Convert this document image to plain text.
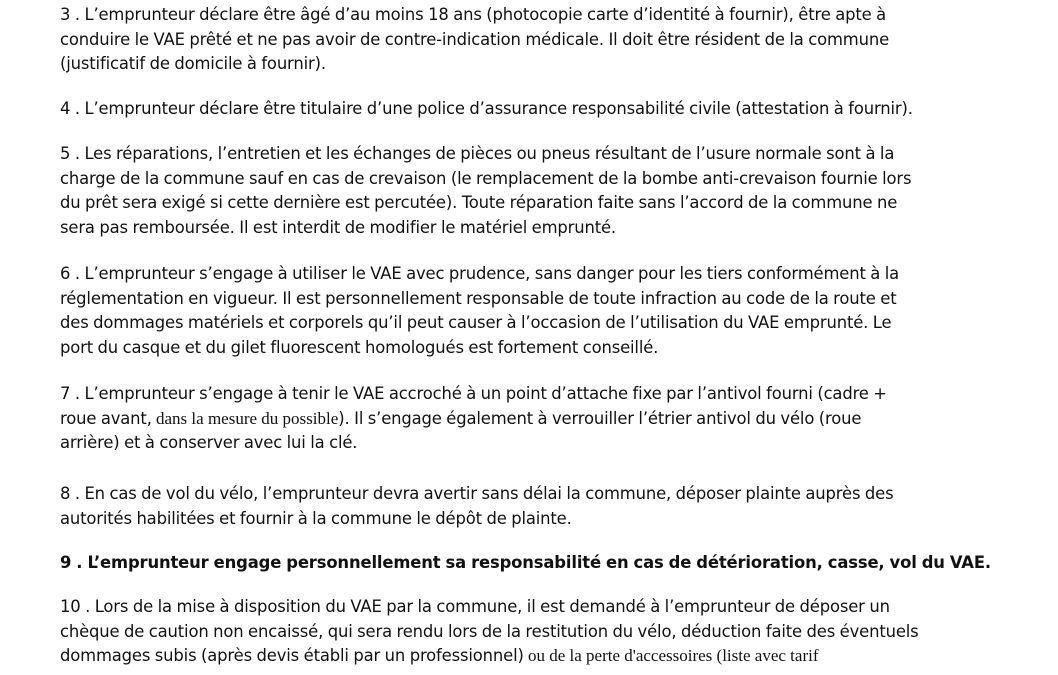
3 . L’emprunteur déclare être âgé d’au moins 18 ans (photocopie carte d’identité à fournir), être apte à
conduire le VAE prêté et ne pas avoir de contre-indication médicale. Il doit être résident de la commune
(justificatif de domicile à fournir).

4 . L’emprunteur déclare être titulaire d’une police d’assurance responsabilité civile (attestation à fournir).

5 . Les réparations, l’entretien et les échanges de pièces ou pneus résultant de l’usure normale sont à la
charge de la commune sauf en cas de crevaison (le remplacement de la bombe anti-crevaison fournie lors
du prêt sera exigé si cette dernière est percutée). Toute réparation faite sans l’accord de la commune ne
sera pas remboursée. Il est interdit de modifier le matériel emprunté.

6 . L’emprunteur s’engage à utiliser le VAE avec prudence, sans danger pour les tiers conformément à la
réglementation en vigueur. Il est personnellement responsable de toute infraction au code de la route et
des dommages matériels et corporels qu’il peut causer à l’occasion de l’utilisation du VAE emprunté. Le
port du casque et du gilet fluorescent homologués est fortement conseillé.

7 . L’emprunteur s’engage à tenir le VAE accroché à un point d’attache fixe par l’antivol fourni (cadre +
roue avant, dans la mesure du possible). Il s’engage également à verrouiller l’étrier antivol du vélo (roue
arrière) et à conserver avec lui la clé.

8 . En cas de vol du vélo, l’emprunteur devra avertir sans délai la commune, déposer plainte auprès des
autorités habilitées et fournir à la commune le dépôt de plainte.

9 . L’emprunteur engage personnellement sa responsabilité en cas de détérioration, casse, vol du VAE.

10 . Lors de la mise à disposition du VAE par la commune, il est demandé à l’emprunteur de déposer un
chèque de caution non encaissé, qui sera rendu lors de la restitution du vélo, déduction faite des éventuels
dommages subis (après devis établi par un professionnel) ou de la perte d'accessoires (liste avec tarif
